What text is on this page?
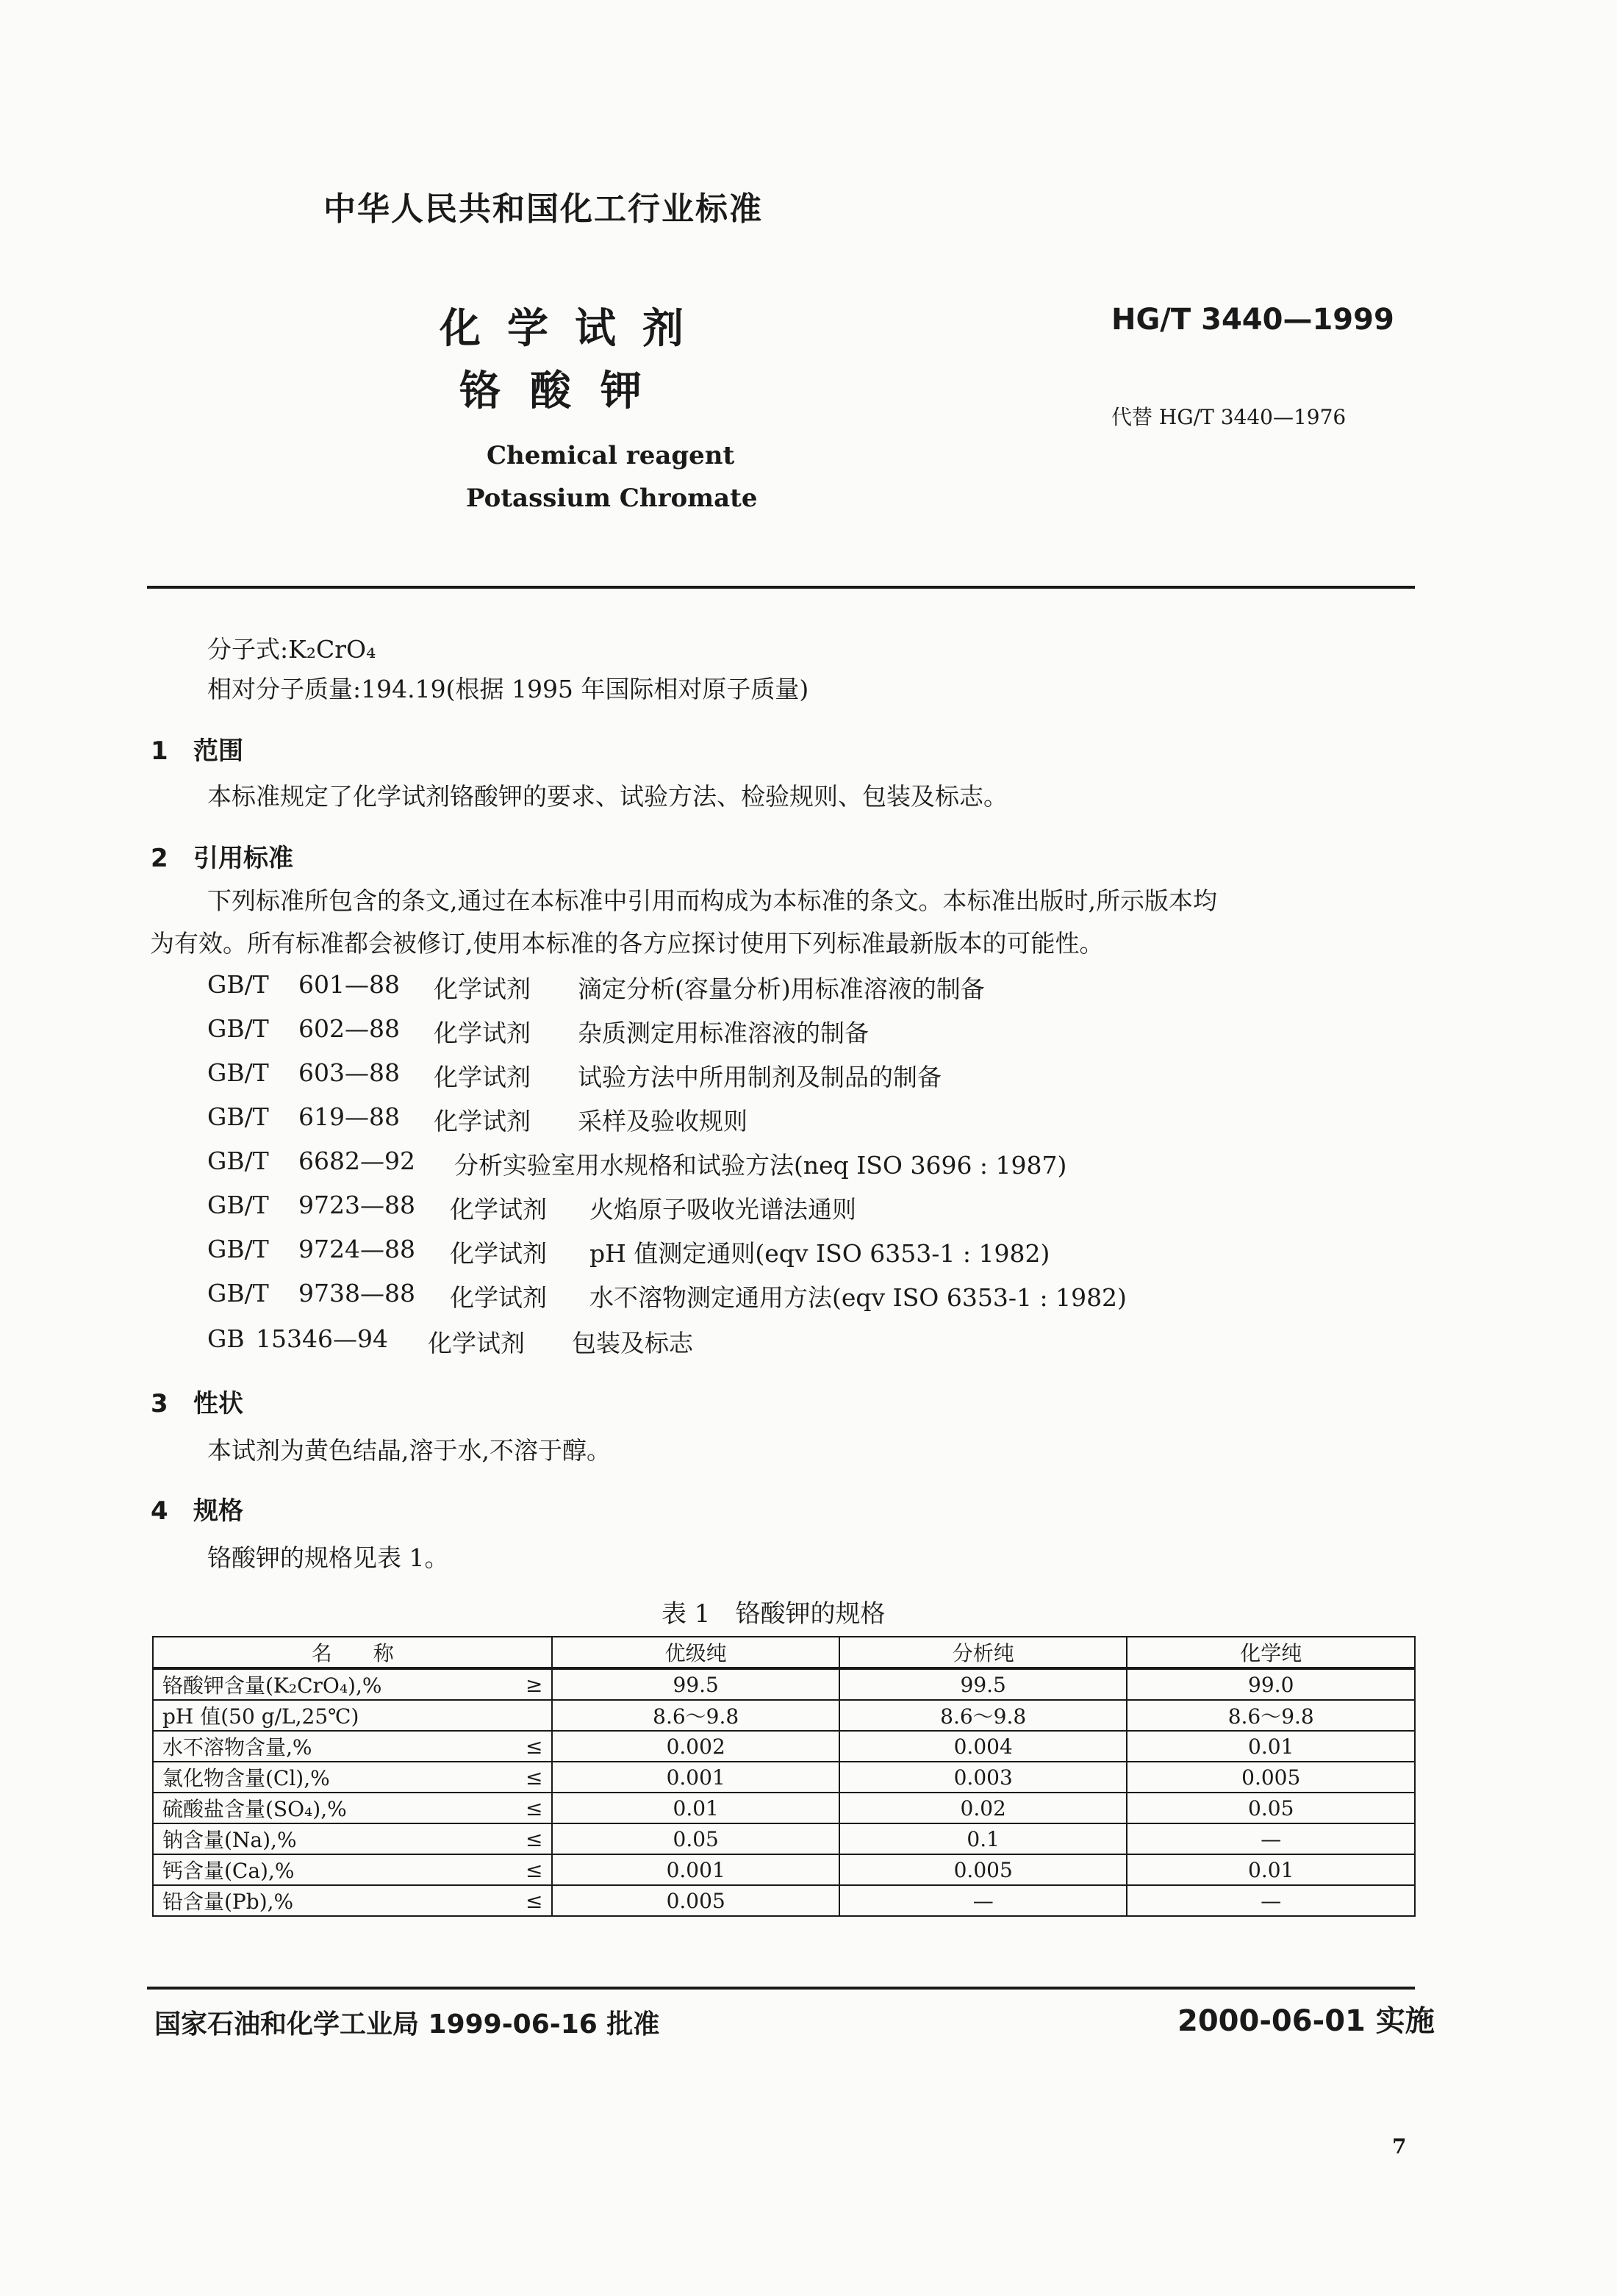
中华人民共和国化工行业标准
化学试剂
铬酸钾
Chemical reagent
Potassium Chromate
HG/T 3440—1999
代替 HG/T 3440—1976
分子式:K₂CrO₄
相对分子质量:194.19(根据 1995 年国际相对原子质量)
1 范围
本标准规定了化学试剂铬酸钾的要求、试验方法、检验规则、包装及标志。
2 引用标准
下列标准所包含的条文,通过在本标准中引用而构成为本标准的条文。本标准出版时,所示版本均
为有效。所有标准都会被修订,使用本标准的各方应探讨使用下列标准最新版本的可能性。
GB/T 601—88 化学试剂 滴定分析(容量分析)用标准溶液的制备
GB/T 602—88 化学试剂 杂质测定用标准溶液的制备
GB/T 603—88 化学试剂 试验方法中所用制剂及制品的制备
GB/T 619—88 化学试剂 采样及验收规则
GB/T 6682—92 分析实验室用水规格和试验方法(neq ISO 3696 : 1987)
GB/T 9723—88 化学试剂 火焰原子吸收光谱法通则
GB/T 9724—88 化学试剂 pH 值测定通则(eqv ISO 6353-1 : 1982)
GB/T 9738—88 化学试剂 水不溶物测定通用方法(eqv ISO 6353-1 : 1982)
GB 15346—94 化学试剂 包装及标志
3 性状
本试剂为黄色结晶,溶于水,不溶于醇。
4 规格
铬酸钾的规格见表 1。
表 1　铬酸钾的规格
名　　称	优级纯	分析纯	化学纯

铬酸钾含量(K₂CrO₄),% ≥	99.5	99.5	99.0

pH 值(50 g/L,25℃)	8.6～9.8	8.6～9.8	8.6～9.8

水不溶物含量,% ≤	0.002	0.004	0.01

氯化物含量(Cl),% ≤	0.001	0.003	0.005

硫酸盐含量(SO₄),% ≤	0.01	0.02	0.05

钠含量(Na),% ≤	0.05	0.1	—

钙含量(Ca),% ≤	0.001	0.005	0.01

铅含量(Pb),% ≤	0.005	—	—
国家石油和化学工业局 1999-06-16 批准	2000-06-01 实施
7
